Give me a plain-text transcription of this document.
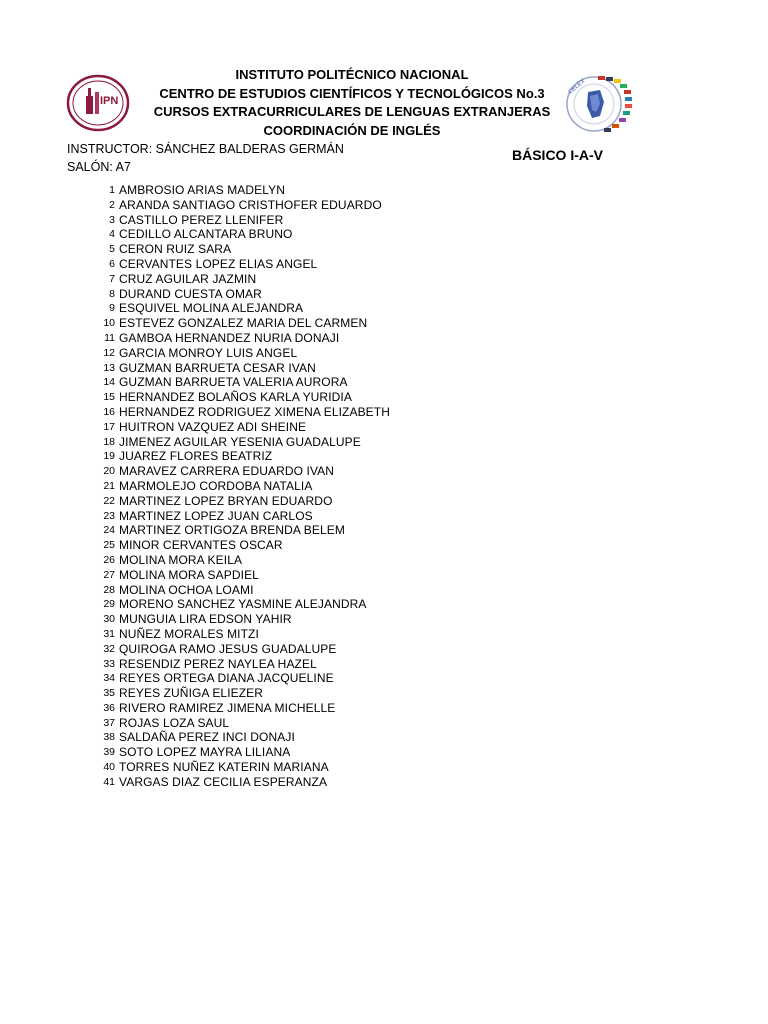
IPN
CELEX
INSTITUTO POLITÉCNICO NACIONAL
CENTRO DE ESTUDIOS CIENTÍFICOS Y TECNOLÓGICOS No.3
CURSOS EXTRACURRICULARES DE LENGUAS EXTRANJERAS
COORDINACIÓN DE INGLÉS
INSTRUCTOR: SÁNCHEZ BALDERAS GERMÁN
SALÓN: A7
BÁSICO I-A-V
1 AMBROSIO ARIAS MADELYN
2 ARANDA SANTIAGO CRISTHOFER EDUARDO
3 CASTILLO PEREZ LLENIFER
4 CEDILLO ALCANTARA BRUNO
5 CERON RUIZ SARA
6 CERVANTES LOPEZ ELIAS ANGEL
7 CRUZ AGUILAR JAZMIN
8 DURAND CUESTA OMAR
9 ESQUIVEL MOLINA ALEJANDRA
10 ESTEVEZ GONZALEZ MARIA DEL CARMEN
11 GAMBOA HERNANDEZ NURIA DONAJI
12 GARCIA MONROY LUIS ANGEL
13 GUZMAN BARRUETA CESAR IVAN
14 GUZMAN BARRUETA VALERIA AURORA
15 HERNANDEZ BOLAÑOS KARLA YURIDIA
16 HERNANDEZ RODRIGUEZ XIMENA ELIZABETH
17 HUITRON VAZQUEZ ADI SHEINE
18 JIMENEZ AGUILAR YESENIA GUADALUPE
19 JUAREZ FLORES BEATRIZ
20 MARAVEZ CARRERA EDUARDO IVAN
21 MARMOLEJO CORDOBA NATALIA
22 MARTINEZ LOPEZ BRYAN EDUARDO
23 MARTINEZ LOPEZ JUAN CARLOS
24 MARTINEZ ORTIGOZA BRENDA BELEM
25 MINOR CERVANTES OSCAR
26 MOLINA MORA KEILA
27 MOLINA MORA SAPDIEL
28 MOLINA OCHOA LOAMI
29 MORENO SANCHEZ YASMINE ALEJANDRA
30 MUNGUIA LIRA EDSON YAHIR
31 NUÑEZ MORALES MITZI
32 QUIROGA RAMO JESUS GUADALUPE
33 RESENDIZ PEREZ NAYLEA HAZEL
34 REYES ORTEGA DIANA JACQUELINE
35 REYES ZUÑIGA ELIEZER
36 RIVERO RAMIREZ JIMENA MICHELLE
37 ROJAS LOZA SAUL
38 SALDAÑA PEREZ INCI DONAJI
39 SOTO LOPEZ MAYRA LILIANA
40 TORRES NUÑEZ KATERIN MARIANA
41 VARGAS DIAZ CECILIA ESPERANZA
